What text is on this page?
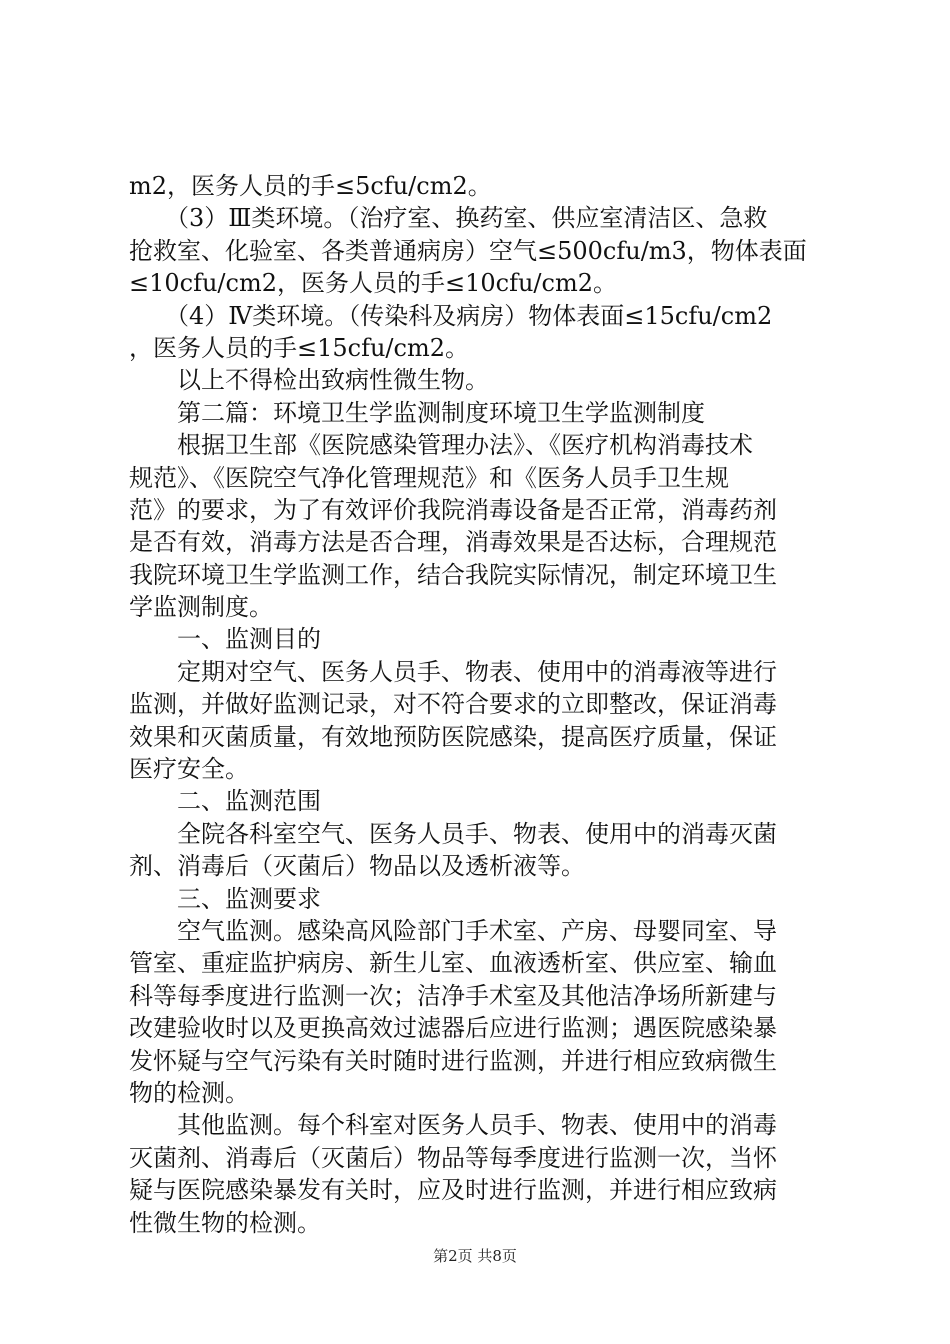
m2，医务人员的手≤5cfu/cm2。
　　（3）Ⅲ类环境。（治疗室、换药室、供应室清洁区、急救
抢救室、化验室、各类普通病房）空气≤500cfu/m3，物体表面
≤10cfu/cm2，医务人员的手≤10cfu/cm2。
　　（4）Ⅳ类环境。（传染科及病房）物体表面≤15cfu/cm2
，医务人员的手≤15cfu/cm2。
　　以上不得检出致病性微生物。
　　第二篇：环境卫生学监测制度环境卫生学监测制度
　　根据卫生部《医院感染管理办法》、《医疗机构消毒技术
规范》、《医院空气净化管理规范》和《医务人员手卫生规
范》的要求，为了有效评价我院消毒设备是否正常，消毒药剂
是否有效，消毒方法是否合理，消毒效果是否达标，合理规范
我院环境卫生学监测工作，结合我院实际情况，制定环境卫生
学监测制度。
　　一、监测目的
　　定期对空气、医务人员手、物表、使用中的消毒液等进行
监测，并做好监测记录，对不符合要求的立即整改，保证消毒
效果和灭菌质量，有效地预防医院感染，提高医疗质量，保证
医疗安全。
　　二、监测范围
　　全院各科室空气、医务人员手、物表、使用中的消毒灭菌
剂、消毒后（灭菌后）物品以及透析液等。
　　三、监测要求
　　空气监测。感染高风险部门手术室、产房、母婴同室、导
管室、重症监护病房、新生儿室、血液透析室、供应室、输血
科等每季度进行监测一次；洁净手术室及其他洁净场所新建与
改建验收时以及更换高效过滤器后应进行监测；遇医院感染暴
发怀疑与空气污染有关时随时进行监测，并进行相应致病微生
物的检测。
　　其他监测。每个科室对医务人员手、物表、使用中的消毒
灭菌剂、消毒后（灭菌后）物品等每季度进行监测一次，当怀
疑与医院感染暴发有关时，应及时进行监测，并进行相应致病
性微生物的检测。
第2页 共8页
